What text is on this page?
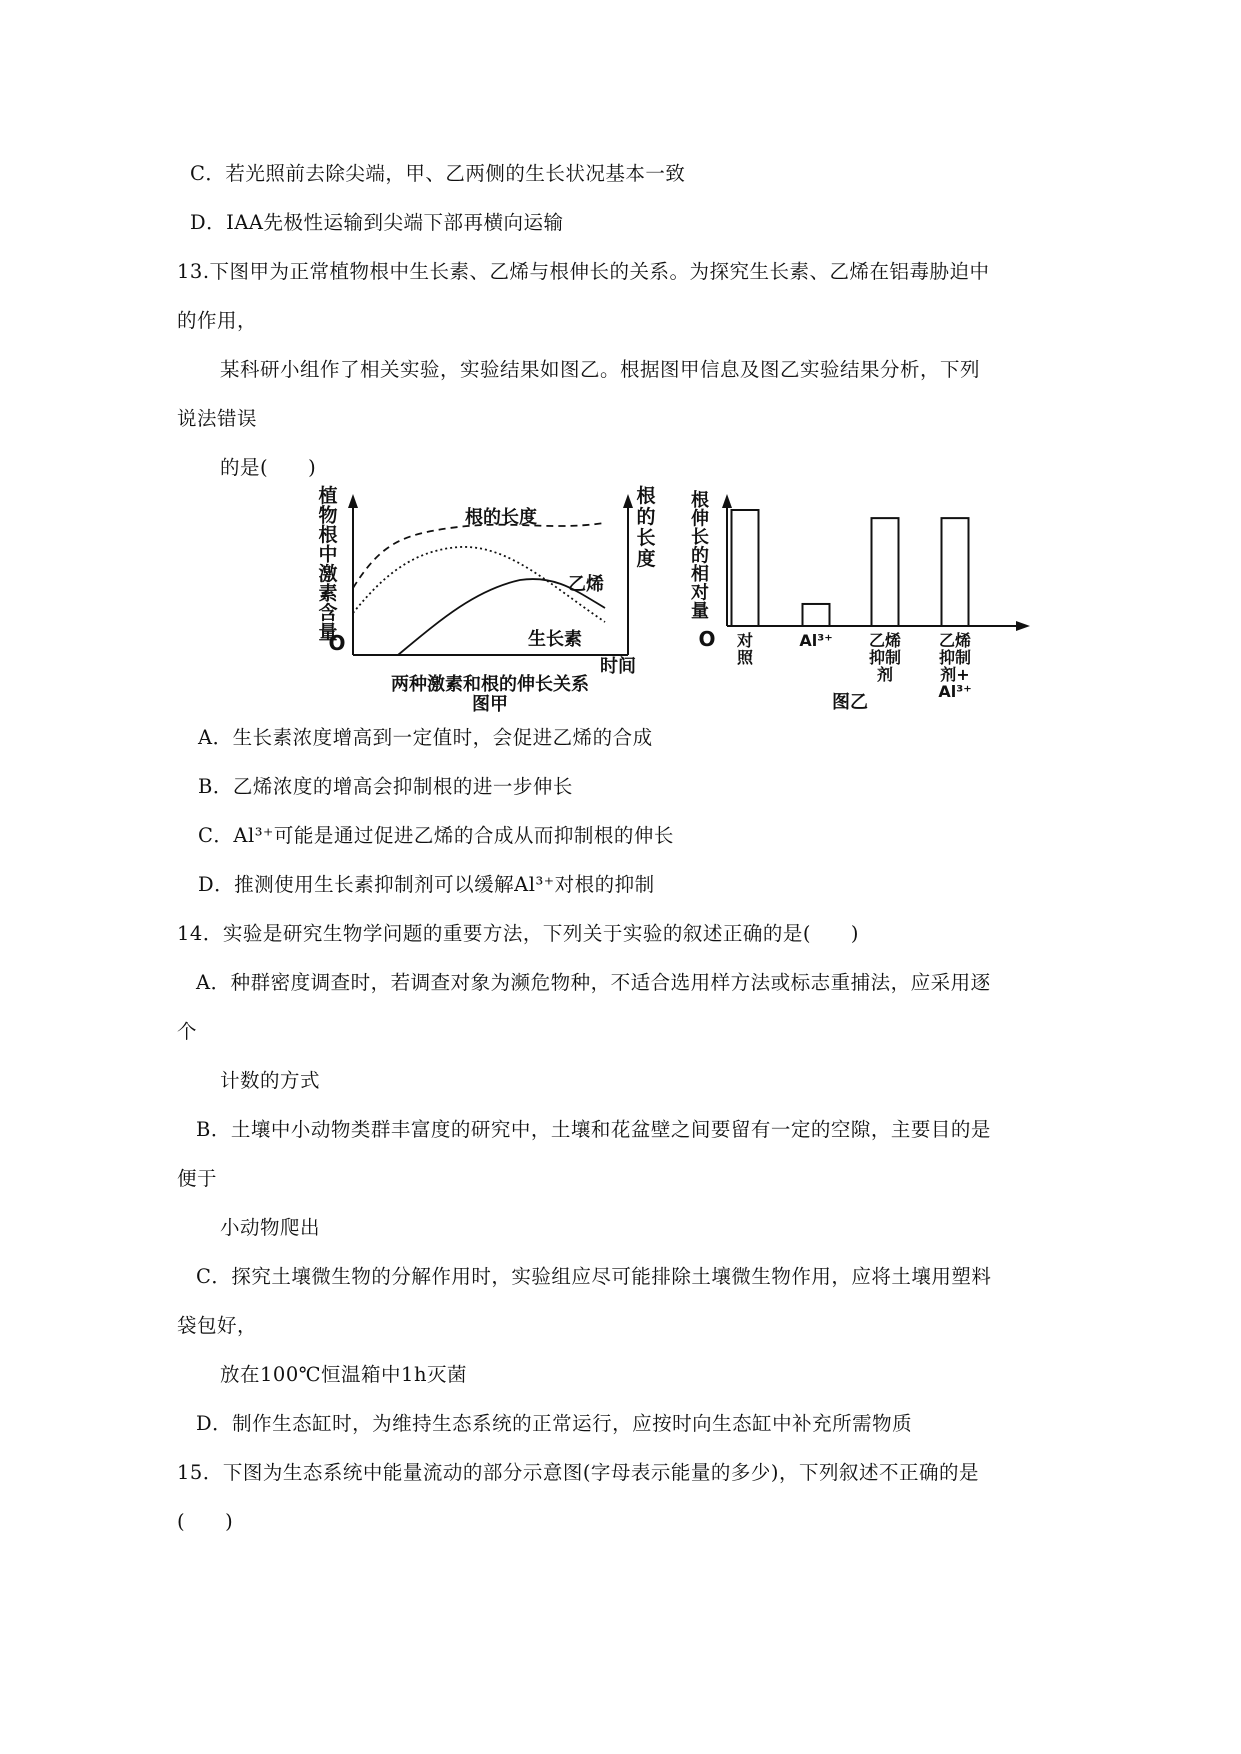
C．若光照前去除尖端，甲、乙两侧的生长状况基本一致
D．IAA先极性运输到尖端下部再横向运输
13.下图甲为正常植物根中生长素、乙烯与根伸长的关系。为探究生长素、乙烯在铝毒胁迫中
的作用，
某科研小组作了相关实验，实验结果如图乙。根据图甲信息及图乙实验结果分析，下列
说法错误
的是(　　)
O
根的长度
乙烯
生长素
时间
两种激素和根的伸长关系
图甲
植
物
根
中
激
素
含
量
根
的
长
度
O
根
伸
长
的
相
对
量
对
照
Al³⁺ 乙烯
抑制
剂
乙烯
抑制
剂+
Al³⁺
图乙
A．生长素浓度增高到一定值时，会促进乙烯的合成
B．乙烯浓度的增高会抑制根的进一步伸长
C．Al³⁺可能是通过促进乙烯的合成从而抑制根的伸长
D．推测使用生长素抑制剂可以缓解Al³⁺对根的抑制
14．实验是研究生物学问题的重要方法，下列关于实验的叙述正确的是(　　)
A．种群密度调查时，若调查对象为濒危物种，不适合选用样方法或标志重捕法，应采用逐
个
计数的方式
B．土壤中小动物类群丰富度的研究中，土壤和花盆壁之间要留有一定的空隙，主要目的是
便于
小动物爬出
C．探究土壤微生物的分解作用时，实验组应尽可能排除土壤微生物作用，应将土壤用塑料
袋包好，
放在100℃恒温箱中1h灭菌
D．制作生态缸时，为维持生态系统的正常运行，应按时向生态缸中补充所需物质
15．下图为生态系统中能量流动的部分示意图(字母表示能量的多少)，下列叙述不正确的是
(　　)
